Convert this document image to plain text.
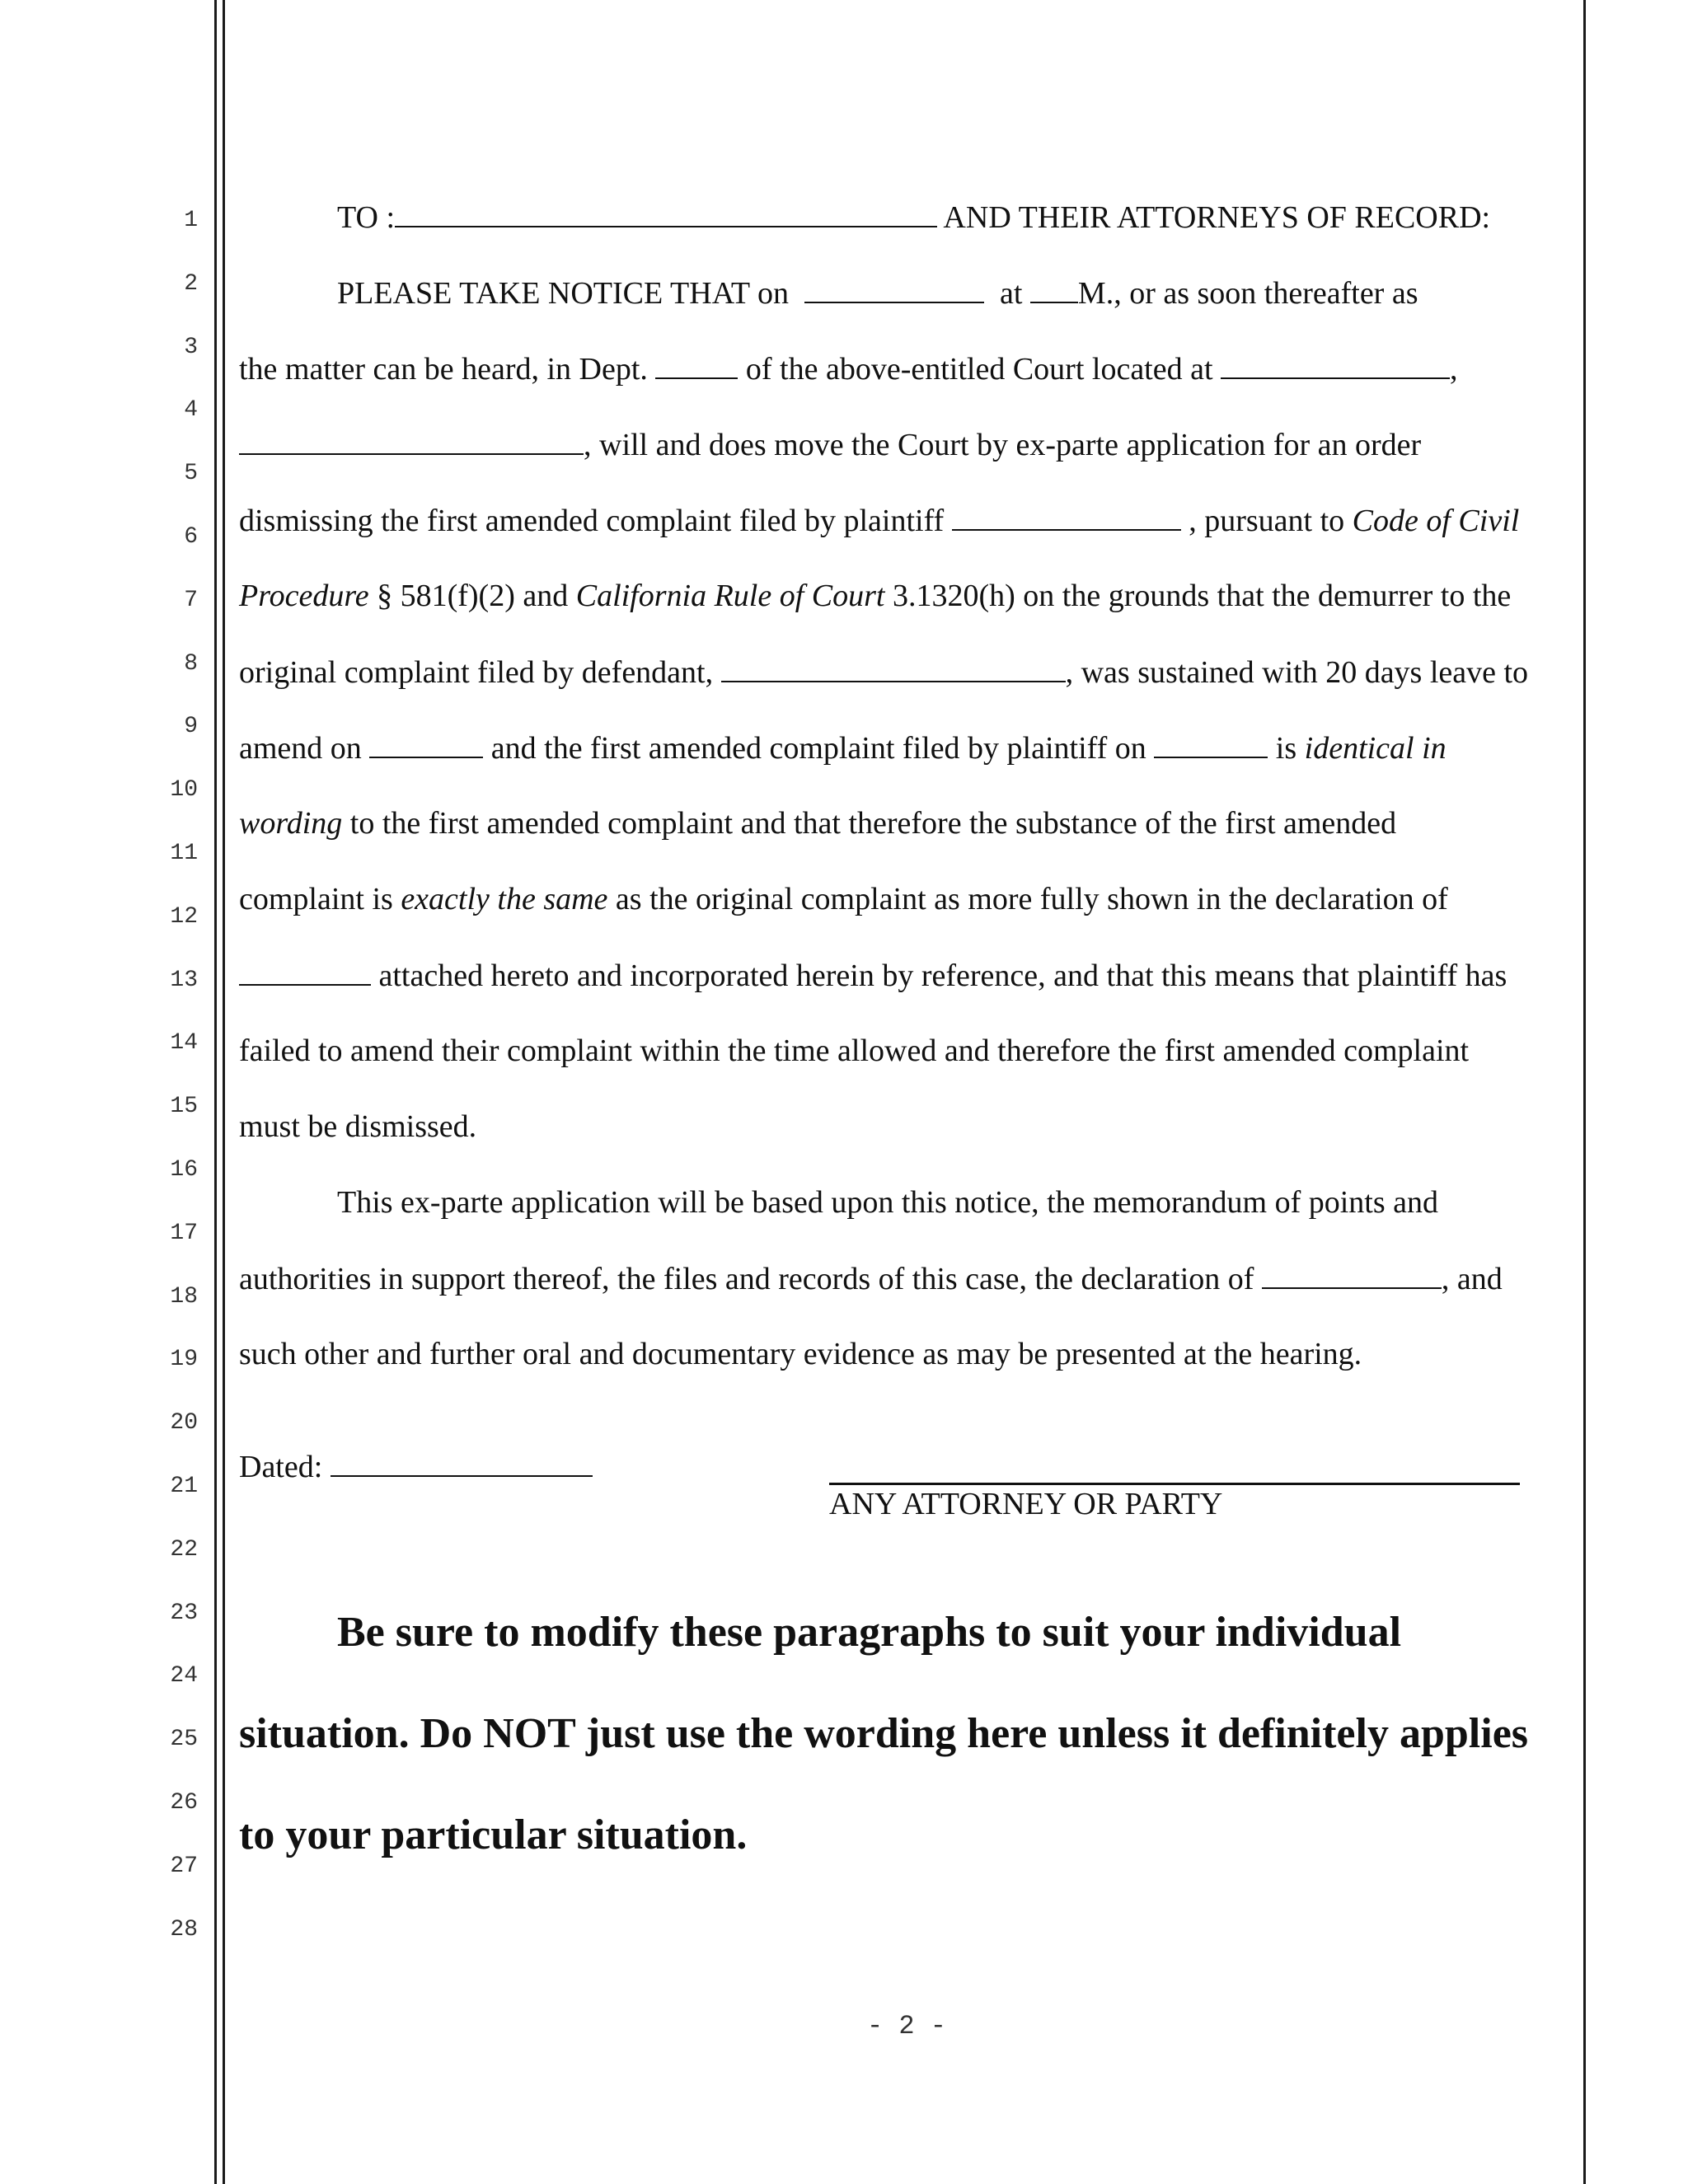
1
2
3
4
5
6
7
8
9
10
11
12
13
14
15
16
17
18
19
20
21
22
23
24
25
26
27
28
TO :	AND THEIR ATTORNEYS OF RECORD:
PLEASE TAKE NOTICE THAT on	at M., or as soon thereafter as
the matter can be heard, in Dept.	of the above-entitled Court located at	,
, will and does move the Court by ex-parte application for an order
dismissing the first amended complaint filed by plaintiff	, pursuant to Code of Civil
Procedure § 581(f)(2) and California Rule of Court 3.1320(h) on the grounds that the demurrer to the
original complaint filed by defendant,	, was sustained with 20 days leave to
amend on	and the first amended complaint filed by plaintiff on	is identical in
wording to the first amended complaint and that therefore the substance of the first amended
complaint is exactly the same as the original complaint as more fully shown in the declaration of
attached hereto and incorporated herein by reference, and that this means that plaintiff has
failed to amend their complaint within the time allowed and therefore the first amended complaint
must be dismissed.
This ex-parte application will be based upon this notice, the memorandum of points and
authorities in support thereof, the files and records of this case, the declaration of	, and
such other and further oral and documentary evidence as may be presented at the hearing.
Dated:
ANY ATTORNEY OR PARTY
Be sure to modify these paragraphs to suit your individual
situation. Do NOT just use the wording here unless it definitely applies
to your particular situation.
- 2 -
